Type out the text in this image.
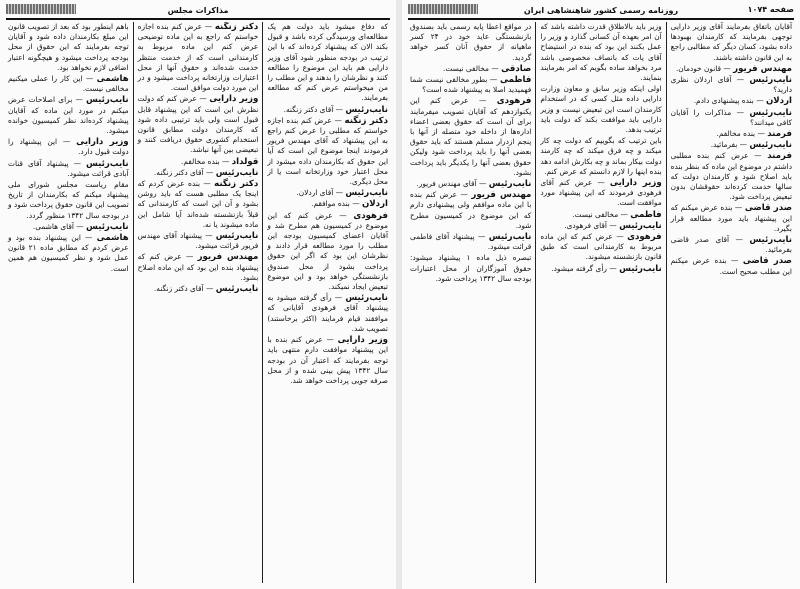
مذاکرات مجلس

که دفاع میشود باید دولت هم یک مطالعه‌ای ورسیدگی کرده باشد و قبول بکند الان که پیشنهاد کرده‌اند که با این ترتیب در بودجه منظور شود آقای وزیر دارایی هم باید این موضوع را مطالعه کنند و نظرشان را بدهند و این مطلب را من میخواستم عرض کنم که مطالعه بفرمایند.

نایب‌رئیس — آقای دکتر زنگنه.

دکتر زنگنه — عرض کنم بنده اجازه خواستم که مطلبی را عرض کنم راجع به این پیشنهاد که آقای مهندس فریور فرمودند اینجا موضوع این است که آیا این حقوق که بکارمندان داده میشود از محل اعتبار خود وزارتخانه است یا از محل دیگری.

نایب‌رئیس — آقای اردلان.

اردلان — بنده موافقم.

فرهودی — عرض کنم که این موضوع در کمیسیون هم مطرح شد و آقایان اعضای کمیسیون بودجه این مطلب را مورد مطالعه قرار دادند و نظرشان این بود که اگر این حقوق پرداخت بشود از محل صندوق بازنشستگی خواهد بود و این موضوع تبعیض ایجاد نمیکند.

نایب‌رئیس — رأی گرفته میشود به پیشنهاد آقای فرهودی آقایانی که موافقند قیام فرمایند (اکثر برخاستند) تصویب شد.

وزیر دارایی — عرض کنم بنده با این پیشنهاد موافقت دارم منتهی باید توجه بفرمایند که اعتبار آن در بودجه سال ۱۳۴۲ پیش بینی شده و از محل صرفه جویی پرداخت خواهد شد.

دکتر زنگنه — عرض کنم بنده اجازه خواستم که راجع به این ماده توضیحی عرض کنم این ماده مربوط به کارمندانی است که از خدمت منتظر خدمت شده‌اند و حقوق آنها از محل اعتبارات وزارتخانه پرداخت میشود و در این مورد دولت موافق است.

وزیر دارایی — عرض کنم که دولت نظرش این است که این پیشنهاد قابل قبول است ولی باید ترتیبی داده شود که کارمندان دولت مطابق قانون استخدام کشوری حقوق دریافت کنند و تبعیضی بین آنها نباشد.

قولداد — بنده مخالفم.

نایب‌رئیس — آقای دکتر زنگنه.

دکتر زنگنه — بنده عرض کردم که اینجا یک مطلبی هست که باید روشن بشود و آن این است که کارمندانی که قبلاً بازنشسته شده‌اند آیا شامل این ماده میشوند یا نه.

نایب‌رئیس — پیشنهاد آقای مهندس فریور قرائت میشود.

مهندس فریور — عرض کنم که پیشنهاد بنده این بود که این ماده اصلاح بشود.

نایب‌رئیس — آقای دکتر زنگنه.

باهم اینطور بود که بعد از تصویب قانون این مبلغ بکارمندان داده شود و آقایان توجه بفرمایند که این حقوق از محل بودجه پرداخت میشود و هیچگونه اعتبار اضافی لازم نخواهد بود.

هاشمی — این کار را عملی میکنیم مخالفی نیست.

نایب‌رئیس — برای اصلاحات عرض میکنم در مورد این ماده که آقایان پیشنهاد کرده‌اند نظر کمیسیون خوانده میشود.

وزیر دارایی — این پیشنهاد را دولت قبول دارد.

نایب‌رئیس — پیشنهاد آقای قنات آبادی قرائت میشود.

مقام ریاست مجلس شورای ملی پیشنهاد میکنم که بکارمندان از تاریخ تصویب این قانون حقوق پرداخت شود و در بودجه سال ۱۳۴۲ منظور گردد.

نایب‌رئیس — آقای هاشمی.

هاشمی — این پیشنهاد بنده بود و عرض کردم که مطابق ماده ۲۱ قانون عمل شود و نظر کمیسیون هم همین است.

روزنامه رسمی کشور شاهنشاهی ایران	صفحه ۱۰۷۴

آقایان باتفاق بفرمایند آقای وزیر دارایی توجهی بفرمایند که کارمندان بهبودها داده بشود، کسان دیگر که مطالبی راجع به این قانون داشته باشند.

مهندس فریور — قانون خودمان.

نایب‌رئیس — آقای اردلان نظری دارید؟

اردلان — بنده پیشنهادی دادم.

نایب‌رئیس — مذاکرات را آقایان کافی میدانند؟

فرمند — بنده مخالفم.

نایب‌رئیس — بفرمائید.

فرمند — عرض کنم بنده مطلبی داشتم در موضوع این ماده که بنظر بنده باید اصلاح شود و کارمندان دولت که سالها خدمت کرده‌اند حقوقشان بدون تبعیض پرداخت شود.

صدر قاضی — بنده عرض میکنم که این پیشنهاد باید مورد مطالعه قرار بگیرد.

نایب‌رئیس — آقای صدر قاضی بفرمائید.

صدر قاضی — بنده عرض میکنم این مطلب صحیح است.

وزیر باید بالاطلاق قدرت داشته باشد که آن امر بعهده آن کسانی گذارد و وزیر را عمل بکنند این بود که بنده در استیضاح آقای یات که بانصاف مخصوصی باشد مرد بخواهد ساده بگویم که امر بفرمایند بنمایند.

اولی اینکه وزیر سابق و معاون وزارت دارایی داده مثل کسی که در استخدام کارمندان است این تبعیض نیست و وزیر دارایی باید موافقت بکند که دولت باید ترتیب بدهد.

باین ترتیب که بگوییم که دولت چه کار میکند و چه فرق میکند که چه کارمند دولت بیکار بماند و چه بکارش ادامه دهد بنده اینها را لازم دانستم که عرض کنم.

وزیر دارایی — عرض کنم آقای فرهودی فرمودند که این پیشنهاد مورد موافقت است.

فاطمی — مخالفی نیست.

نایب‌رئیس — آقای فرهودی.

فرهودی — عرض کنم که این ماده مربوط به کارمندانی است که طبق قانون بازنشسته میشوند.

نایب‌رئیس — رأی گرفته میشود.

در مواقع اعطا پایه رسمی باید بصندوق بازنشستگی عاید خود در ۲۴ کسر ماهیانه از حقوق آنان کسر خواهد گردید.

صادقی — مخالفی نیست.

فاطمی — بطور مخالفی نیست شما فهمیدید اصلا به پیشنهاد شده است؟

فرهودی — عرض کنم این یکنوازدهم که آقایان تصویب میفرمایند برای آن است که حقوق بعضی اعضاء اداره‌ها از داخله خود متصله از آنها با پنجم ازدرار مسلم هستند که باید حقوق بعضی آنها را باید پرداخت شود ولیکن حقوق بعضی آنها را یکدیگر باید پرداخت بشود.

نایب‌رئیس — آقای مهندس فریور.

مهندس فریور — عرض کنم بنده با این ماده موافقم ولی پیشنهادی دارم که این موضوع در کمیسیون مطرح شود.

نایب‌رئیس — پیشنهاد آقای فاطمی قرائت میشود.

تبصره ذیل ماده ۱ پیشنهاد میشود: حقوق آموزگاران از محل اعتبارات بودجه سال ۱۳۴۲ پرداخت شود.
